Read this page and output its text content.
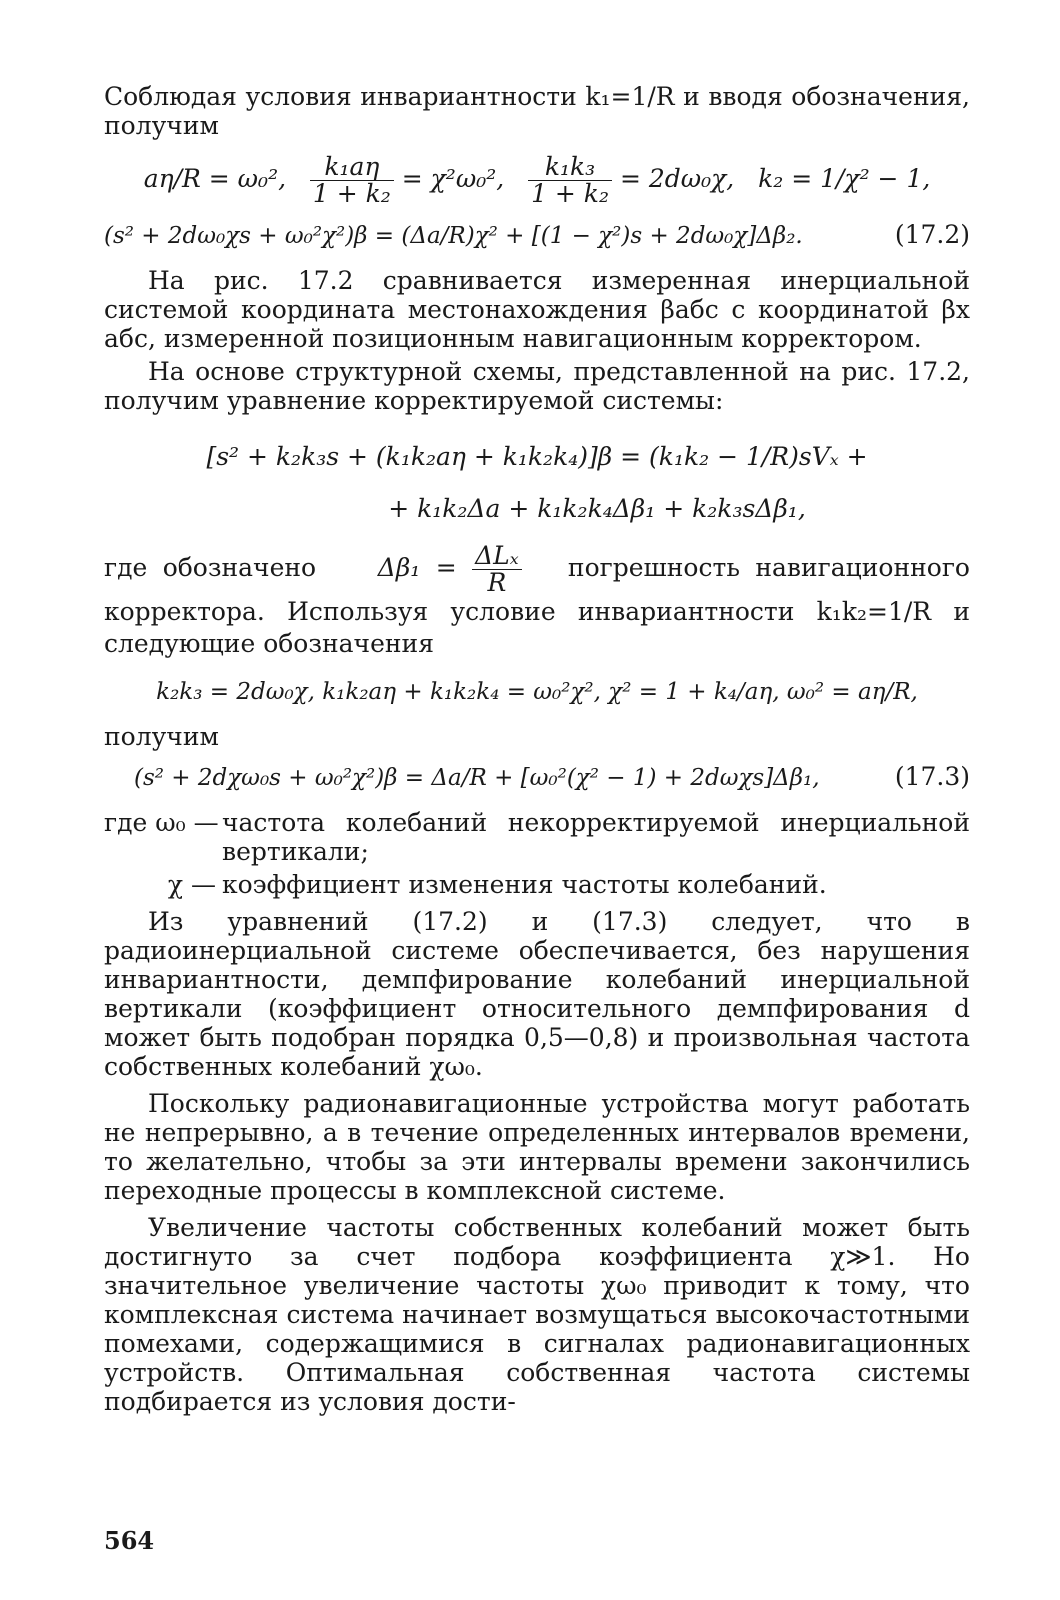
Соблюдая условия инвариантности k₁=1/R и вводя обозначения, получим

aη/R = ω₀², $\frac{\text{k₁aη}}{\text{1 + k₂}} = \chi^2\omega_0^2$, $\frac{\text{k₁k₃}}{\text{1 + k₂}} = 2d\omega_0\chi$, k₂ = 1/χ² − 1,
(s² + 2dω₀χs + ω₀²χ²)β = (Δa/R)χ² + [(1 − χ²)s + 2dω₀χ]Δβ₂.	(17.2)

На рис. 17.2 сравнивается измеренная инерциальной системой координата местонахождения βабс с координатой βx абс, измеренной позиционным навигационным корректором.

На основе структурной схемы, представленной на рис. 17.2, получим уравнение корректируемой системы:

[s² + k₂k₃s + (k₁k₂aη + k₁k₂k₄)]β = (k₁k₂ − 1/R)sVₓ +
+ k₁k₂Δa + k₁k₂k₄Δβ₁ + k₂k₃sΔβ₁,

где обозначено $\Delta\beta_1 = \frac{\text{ΔLₓ}}{R}$ погрешность навигационного корректора. Используя условие инвариантности k₁k₂=1/R и следующие обозначения

k₂k₃ = 2dω₀χ, k₁k₂aη + k₁k₂k₄ = ω₀²χ², χ² = 1 + k₄/aη, ω₀² = aη/R,

получим

(s² + 2dχω₀s + ω₀²χ²)β = Δa/R + [ω₀²(χ² − 1) + 2dωχs]Δβ₁,	(17.3)

где ω₀ — частота колебаний некорректируемой инерциальной вертикали;

χ — коэффициент изменения частоты колебаний.

Из уравнений (17.2) и (17.3) следует, что в радиоинерциальной системе обеспечивается, без нарушения инвариантности, демпфирование колебаний инерциальной вертикали (коэффициент относительного демпфирования d может быть подобран порядка 0,5—0,8) и произвольная частота собственных колебаний χω₀.

Поскольку радионавигационные устройства могут работать не непрерывно, а в течение определенных интервалов времени, то желательно, чтобы за эти интервалы времени закончились переходные процессы в комплексной системе.

Увеличение частоты собственных колебаний может быть достигнуто за счет подбора коэффициента χ≫1. Но значительное увеличение частоты χω₀ приводит к тому, что комплексная система начинает возмущаться высокочастотными помехами, содержащимися в сигналах радионавигационных устройств. Оптимальная собственная частота системы подбирается из условия дости-

564
